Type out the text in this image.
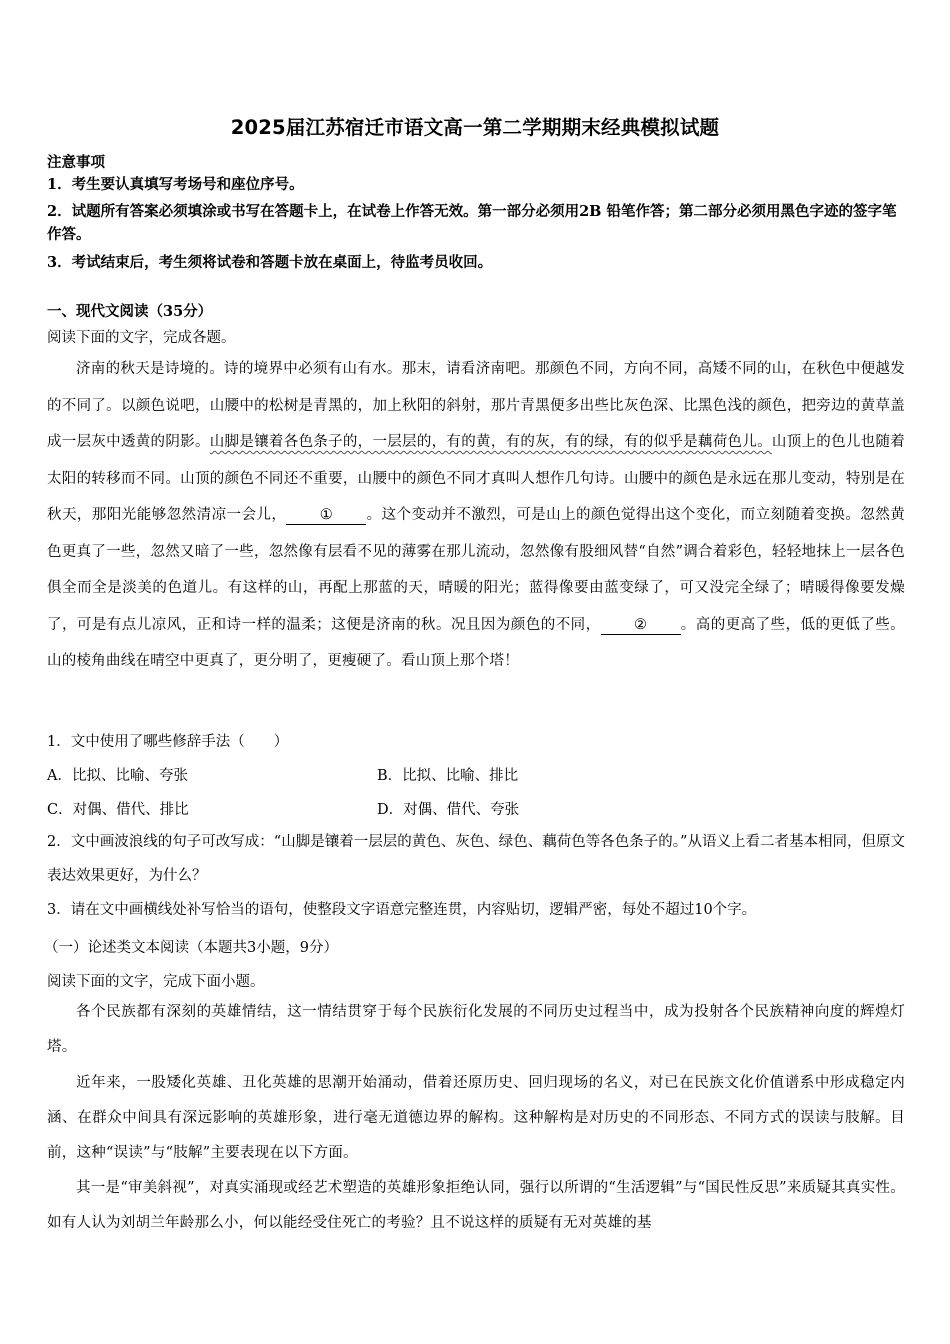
2025届江苏宿迁市语文高一第二学期期末经典模拟试题
注意事项
1．考生要认真填写考场号和座位序号。
2．试题所有答案必须填涂或书写在答题卡上，在试卷上作答无效。第一部分必须用2B 铅笔作答；第二部分必须用黑色字迹的签字笔作答。
3．考试结束后，考生须将试卷和答题卡放在桌面上，待监考员收回。
一、现代文阅读（35分）
阅读下面的文字，完成各题。
济南的秋天是诗境的。诗的境界中必须有山有水。那末，请看济南吧。那颜色不同，方向不同，高矮不同的山，在秋色中便越发的不同了。以颜色说吧，山腰中的松树是青黑的，加上秋阳的斜射，那片青黑便多出些比灰色深、比黑色浅的颜色，把旁边的黄草盖成一层灰中透黄的阴影。山脚是镶着各色条子的，一层层的，有的黄，有的灰，有的绿，有的似乎是藕荷色儿。山顶上的色儿也随着太阳的转移而不同。山顶的颜色不同还不重要，山腰中的颜色不同才真叫人想作几句诗。山腰中的颜色是永远在那儿变动，特别是在秋天，那阳光能够忽然清凉一会儿， ① 。这个变动并不激烈，可是山上的颜色觉得出这个变化，而立刻随着变换。忽然黄色更真了一些，忽然又暗了一些，忽然像有层看不见的薄雾在那儿流动，忽然像有股细风替“自然”调合着彩色，轻轻地抹上一层各色俱全而全是淡美的色道儿。有这样的山，再配上那蓝的天，晴暖的阳光；蓝得像要由蓝变绿了，可又没完全绿了；晴暖得像要发燥了，可是有点儿凉风，正和诗一样的温柔；这便是济南的秋。况且因为颜色的不同， ② 。高的更高了些，低的更低了些。山的棱角曲线在晴空中更真了，更分明了，更瘦硬了。看山顶上那个塔！
1．文中使用了哪些修辞手法（　　）
A．比拟、比喻、夸张	B．比拟、比喻、排比
C．对偶、借代、排比	D．对偶、借代、夸张
2．文中画波浪线的句子可改写成：“山脚是镶着一层层的黄色、灰色、绿色、藕荷色等各色条子的。”从语义上看二者基本相同，但原文表达效果更好，为什么？
3．请在文中画横线处补写恰当的语句，使整段文字语意完整连贯，内容贴切，逻辑严密，每处不超过10个字。
（一）论述类文本阅读（本题共3小题，9分）
阅读下面的文字，完成下面小题。
各个民族都有深刻的英雄情结，这一情结贯穿于每个民族衍化发展的不同历史过程当中，成为投射各个民族精神向度的辉煌灯塔。
近年来，一股矮化英雄、丑化英雄的思潮开始涌动，借着还原历史、回归现场的名义，对已在民族文化价值谱系中形成稳定内涵、在群众中间具有深远影响的英雄形象，进行毫无道德边界的解构。这种解构是对历史的不同形态、不同方式的误读与肢解。目前，这种“误读”与“肢解”主要表现在以下方面。
其一是“审美斜视”，对真实涌现或经艺术塑造的英雄形象拒绝认同，强行以所谓的“生活逻辑”与“国民性反思”来质疑其真实性。如有人认为刘胡兰年龄那么小，何以能经受住死亡的考验？且不说这样的质疑有无对英雄的基
